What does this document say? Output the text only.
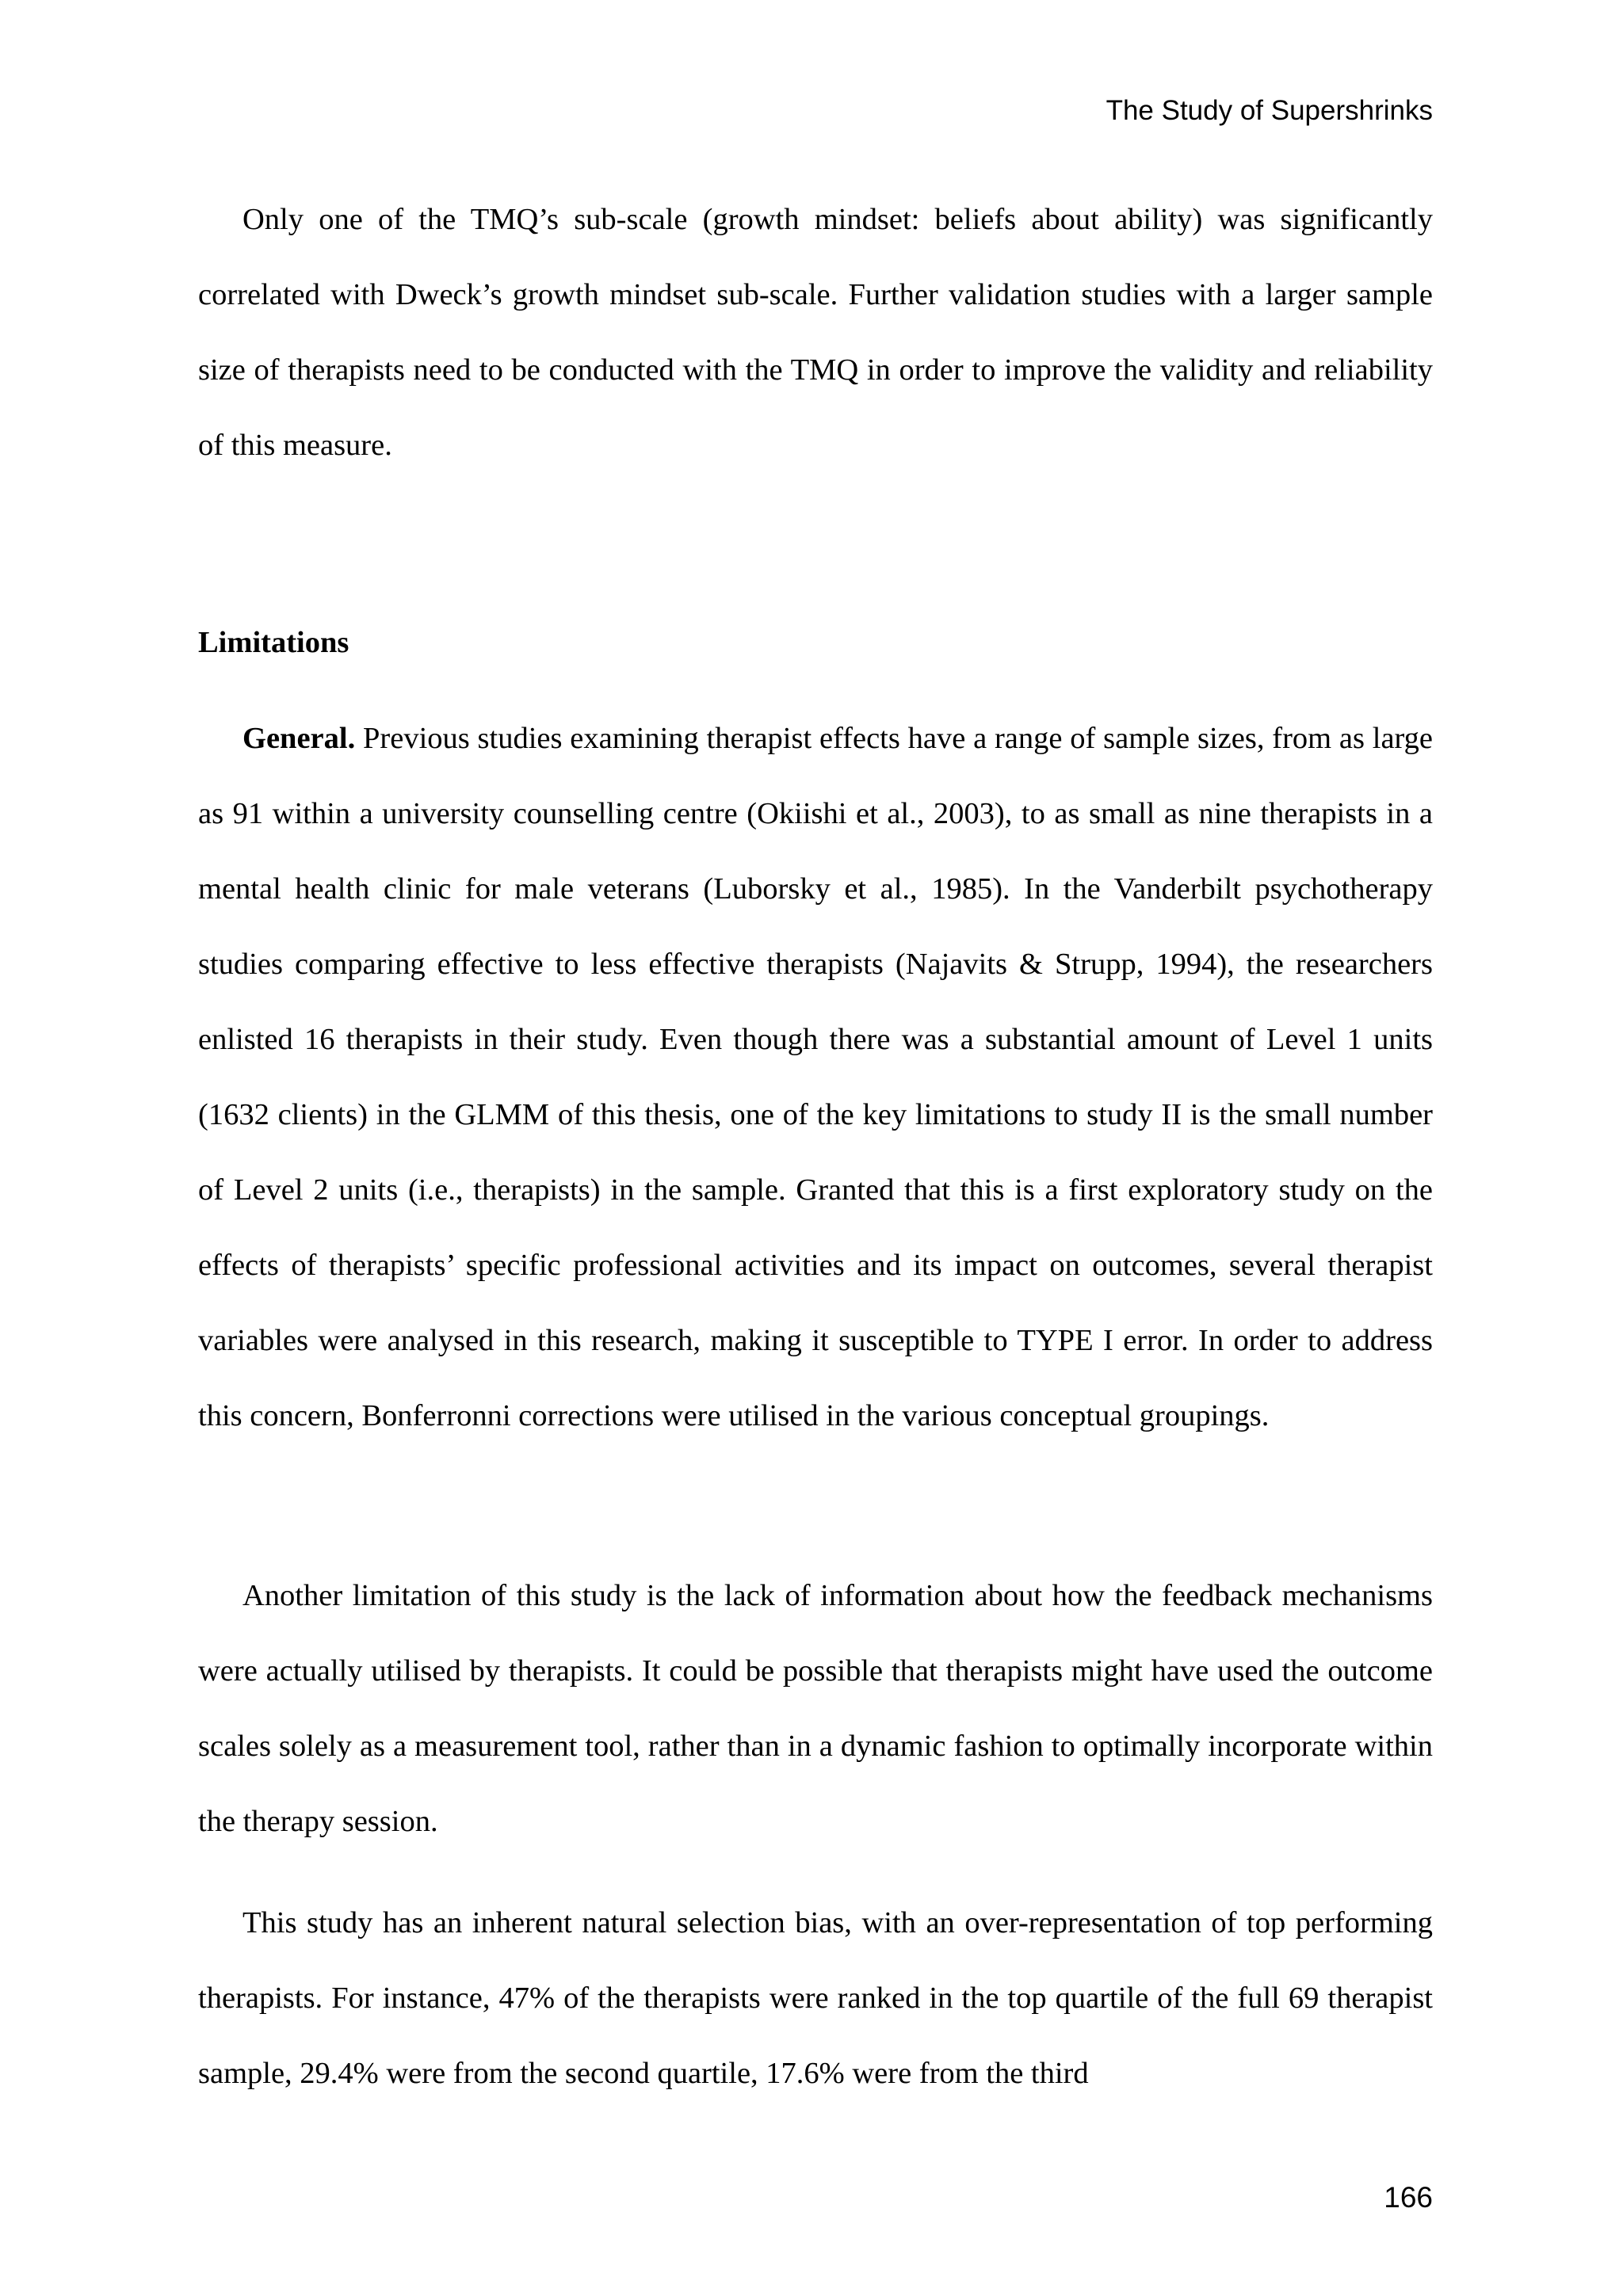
The Study of Supershrinks

Only one of the TMQ’s sub-scale (growth mindset: beliefs about ability) was significantly correlated with Dweck’s growth mindset sub-scale. Further validation studies with a larger sample size of therapists need to be conducted with the TMQ in order to improve the validity and reliability of this measure.

Limitations

General. Previous studies examining therapist effects have a range of sample sizes, from as large as 91 within a university counselling centre (Okiishi et al., 2003), to as small as nine therapists in a mental health clinic for male veterans (Luborsky et al., 1985). In the Vanderbilt psychotherapy studies comparing effective to less effective therapists (Najavits & Strupp, 1994), the researchers enlisted 16 therapists in their study. Even though there was a substantial amount of Level 1 units (1632 clients) in the GLMM of this thesis, one of the key limitations to study II is the small number of Level 2 units (i.e., therapists) in the sample. Granted that this is a first exploratory study on the effects of therapists’ specific professional activities and its impact on outcomes, several therapist variables were analysed in this research, making it susceptible to TYPE I error. In order to address this concern, Bonferronni corrections were utilised in the various conceptual groupings.

Another limitation of this study is the lack of information about how the feedback mechanisms were actually utilised by therapists. It could be possible that therapists might have used the outcome scales solely as a measurement tool, rather than in a dynamic fashion to optimally incorporate within the therapy session.

This study has an inherent natural selection bias, with an over-representation of top performing therapists. For instance, 47% of the therapists were ranked in the top quartile of the full 69 therapist sample, 29.4% were from the second quartile, 17.6% were from the third

166
